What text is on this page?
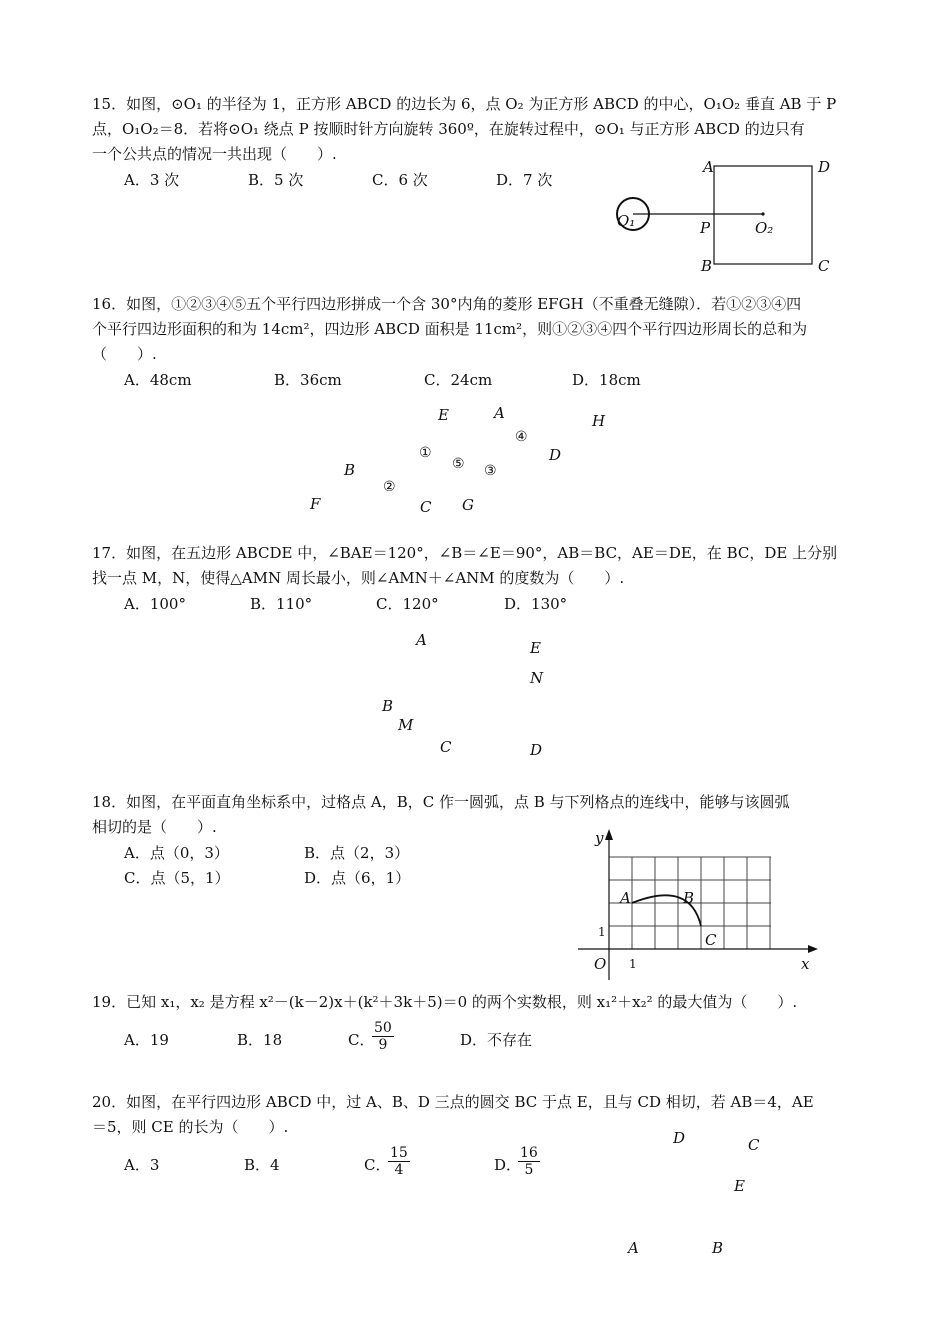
15．如图，⊙O₁ 的半径为 1，正方形 ABCD 的边长为 6，点 O₂ 为正方形 ABCD 的中心，O₁O₂ 垂直 AB 于 P
点，O₁O₂＝8．若将⊙O₁ 绕点 P 按顺时针方向旋转 360º，在旋转过程中，⊙O₁ 与正方形 ABCD 的边只有
一个公共点的情况一共出现（　　）.
A．3 次	B．5 次	C．6 次	D．7 次
A	D
P
O₁	O₂
B	C
16．如图，①②③④⑤五个平行四边形拼成一个含 30°内角的菱形 EFGH（不重叠无缝隙）．若①②③④四
个平行四边形面积的和为 14cm²，四边形 ABCD 面积是 11cm²，则①②③④四个平行四边形周长的总和为
（　　）.
A．48cm	B．36cm	C．24cm	D．18cm
E	A	H
④
①	D
⑤ ③
B
②
F	C G
17．如图，在五边形 ABCDE 中，∠BAE＝120°，∠B＝∠E＝90°，AB＝BC，AE＝DE，在 BC，DE 上分别
找一点 M，N，使得△AMN 周长最小，则∠AMN＋∠ANM 的度数为（　　）.
A．100°	B．110°	C．120°	D．130°
A	E
N
B
M
C	D
18．如图，在平面直角坐标系中，过格点 A，B，C 作一圆弧，点 B 与下列格点的连线中，能够与该圆弧
相切的是（　　）.
A．点（0，3）	B．点（2，3）
C．点（5，1）	D．点（6，1）
y
A	B
1	C
O 1	x
19．已知 x₁，x₂ 是方程 x²－(k－2)x＋(k²＋3k＋5)＝0 的两个实数根，则 x₁²＋x₂² 的最大值为（　　）.
A．19	B．18	C．
$\frac{50}{9}$	D．不存在
20．如图，在平行四边形 ABCD 中，过 A、B、D 三点的圆交 BC 于点 E，且与 CD 相切，若 AB＝4，AE
＝5，则 CE 的长为（　　）.
A．3	B．4	C．
$\frac{15}{4}$	D．
$\frac{16}{5}$
D	C
E
A	B
